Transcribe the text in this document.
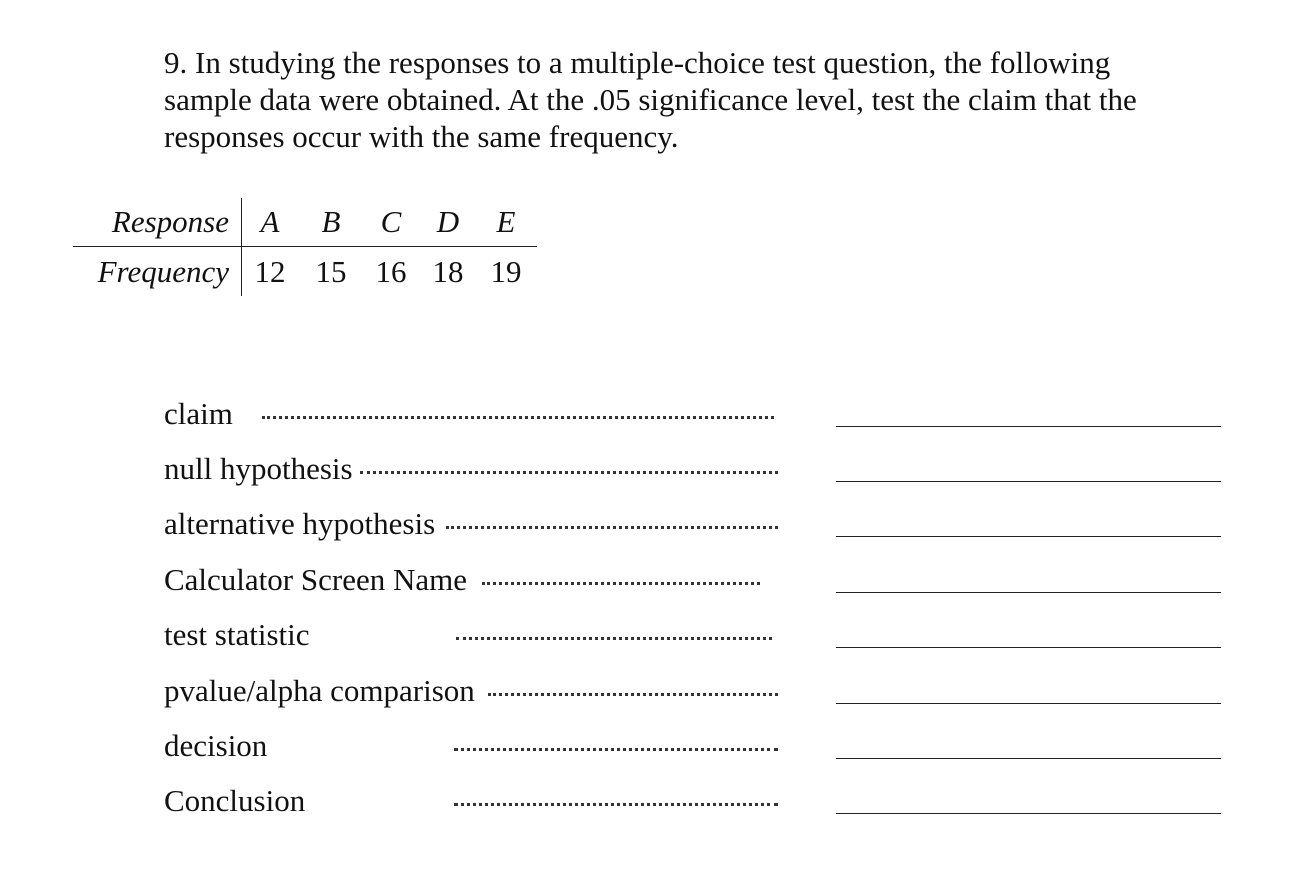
9. In studying the responses to a multiple-choice test question, the following
sample data were obtained. At the .05 significance level, test the claim that the
responses occur with the same frequency.
Response	A	B	C	D	E
Frequency 12 15 16 18 19
claim
null hypothesis
alternative hypothesis
Calculator Screen Name
test statistic
pvalue/alpha comparison
decision
Conclusion
